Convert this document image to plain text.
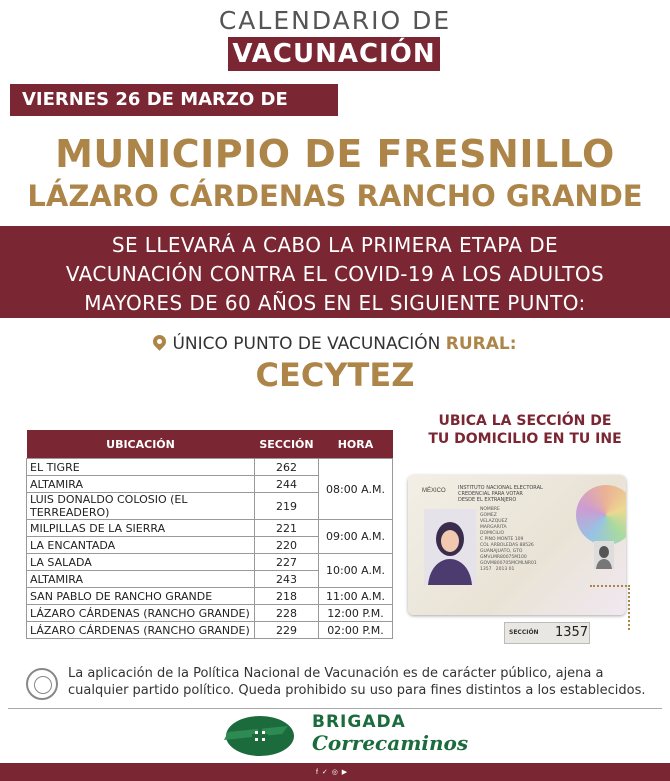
CALENDARIO DE
VACUNACIÓN
VIERNES 26 DE MARZO DE 2021
MUNICIPIO DE FRESNILLO
LÁZARO CÁRDENAS RANCHO GRANDE
SE LLEVARÁ A CABO LA PRIMERA ETAPA DE
VACUNACIÓN CONTRA EL COVID-19 A LOS ADULTOS
MAYORES DE 60 AÑOS EN EL SIGUIENTE PUNTO:
ÚNICO PUNTO DE VACUNACIÓN RURAL:
CECYTEZ
UBICACIÓN	SECCIÓN	HORA
EL TIGRE	262	08:00 A.M.
ALTAMIRA	244	
LUIS DONALDO COLOSIO (EL TERREADERO)	219	
MILPILLAS DE LA SIERRA	221	09:00 A.M.
LA ENCANTADA	220	
LA SALADA	227	10:00 A.M.
ALTAMIRA	243	
SAN PABLO DE RANCHO GRANDE	218	11:00 A.M.
LÁZARO CÁRDENAS (RANCHO GRANDE)	228	12:00 P.M.
LÁZARO CÁRDENAS (RANCHO GRANDE)	229	02:00 P.M.
UBICA LA SECCIÓN DE
TU DOMICILIO EN TU INE
MÉXICO INSTITUTO NACIONAL ELECTORAL
CREDENCIAL PARA VOTAR
DESDE EL EXTRANJERO
NOMBRE
GOMEZ
VELAZQUEZ
MARGARITA
DOMICILIO
C PINO MONTE 109
COL ARBOLEDAS 88526
GUANAJUATO, GTO
GMVLMR80075M100
GOVM800705MCMLNR01
1357 2013 01
SECCIÓN 1357
La aplicación de la Política Nacional de Vacunación es de carácter público, ajena a cualquier partido político. Queda prohibido su uso para fines distintos a los establecidos.
BRIGADA
Correcaminos
f ✓ ◎ ▶
